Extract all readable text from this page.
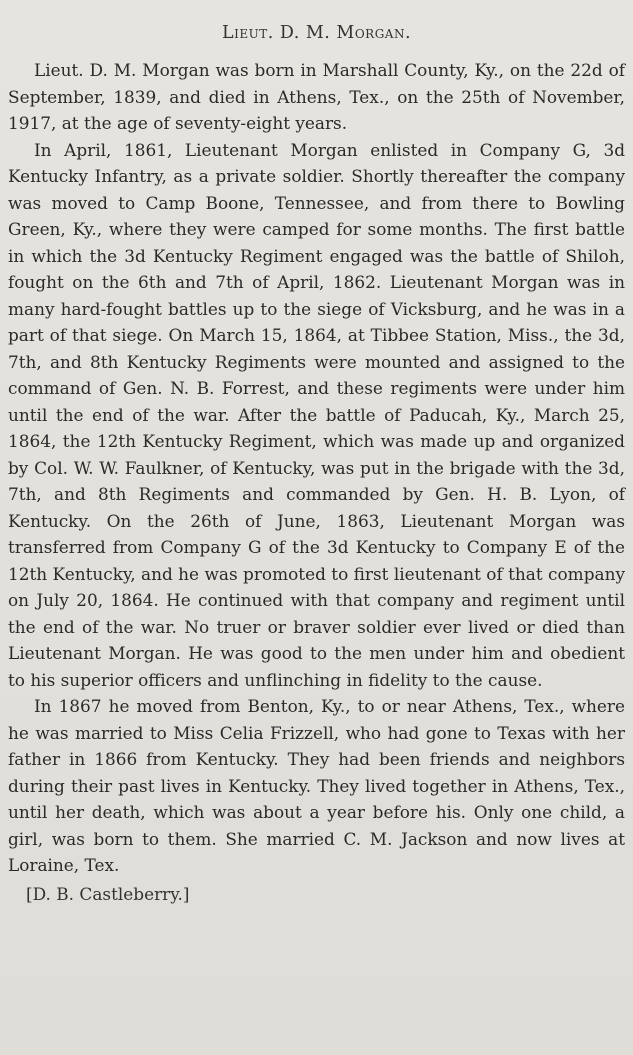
Lieut. D. M. Morgan.

Lieut. D. M. Morgan was born in Marshall County, Ky., on the 22d of September, 1839, and died in Athens, Tex., on the 25th of November, 1917, at the age of seventy-eight years.

In April, 1861, Lieutenant Morgan enlisted in Company G, 3d Kentucky Infantry, as a private soldier. Shortly thereafter the company was moved to Camp Boone, Tennessee, and from there to Bowling Green, Ky., where they were camped for some months. The first battle in which the 3d Kentucky Regiment engaged was the battle of Shiloh, fought on the 6th and 7th of April, 1862. Lieutenant Morgan was in many hard-fought battles up to the siege of Vicksburg, and he was in a part of that siege. On March 15, 1864, at Tibbee Station, Miss., the 3d, 7th, and 8th Kentucky Regiments were mounted and assigned to the command of Gen. N. B. Forrest, and these regiments were under him until the end of the war. After the battle of Paducah, Ky., March 25, 1864, the 12th Kentucky Regiment, which was made up and organized by Col. W. W. Faulkner, of Kentucky, was put in the brigade with the 3d, 7th, and 8th Regiments and commanded by Gen. H. B. Lyon, of Kentucky. On the 26th of June, 1863, Lieutenant Morgan was transferred from Company G of the 3d Kentucky to Company E of the 12th Kentucky, and he was promoted to first lieutenant of that company on July 20, 1864. He continued with that company and regiment until the end of the war. No truer or braver soldier ever lived or died than Lieutenant Morgan. He was good to the men under him and obedient to his superior officers and unflinching in fidelity to the cause.

In 1867 he moved from Benton, Ky., to or near Athens, Tex., where he was married to Miss Celia Frizzell, who had gone to Texas with her father in 1866 from Kentucky. They had been friends and neighbors during their past lives in Kentucky. They lived together in Athens, Tex., until her death, which was about a year before his. Only one child, a girl, was born to them. She married C. M. Jackson and now lives at Loraine, Tex.

[D. B. Castleberry.]
